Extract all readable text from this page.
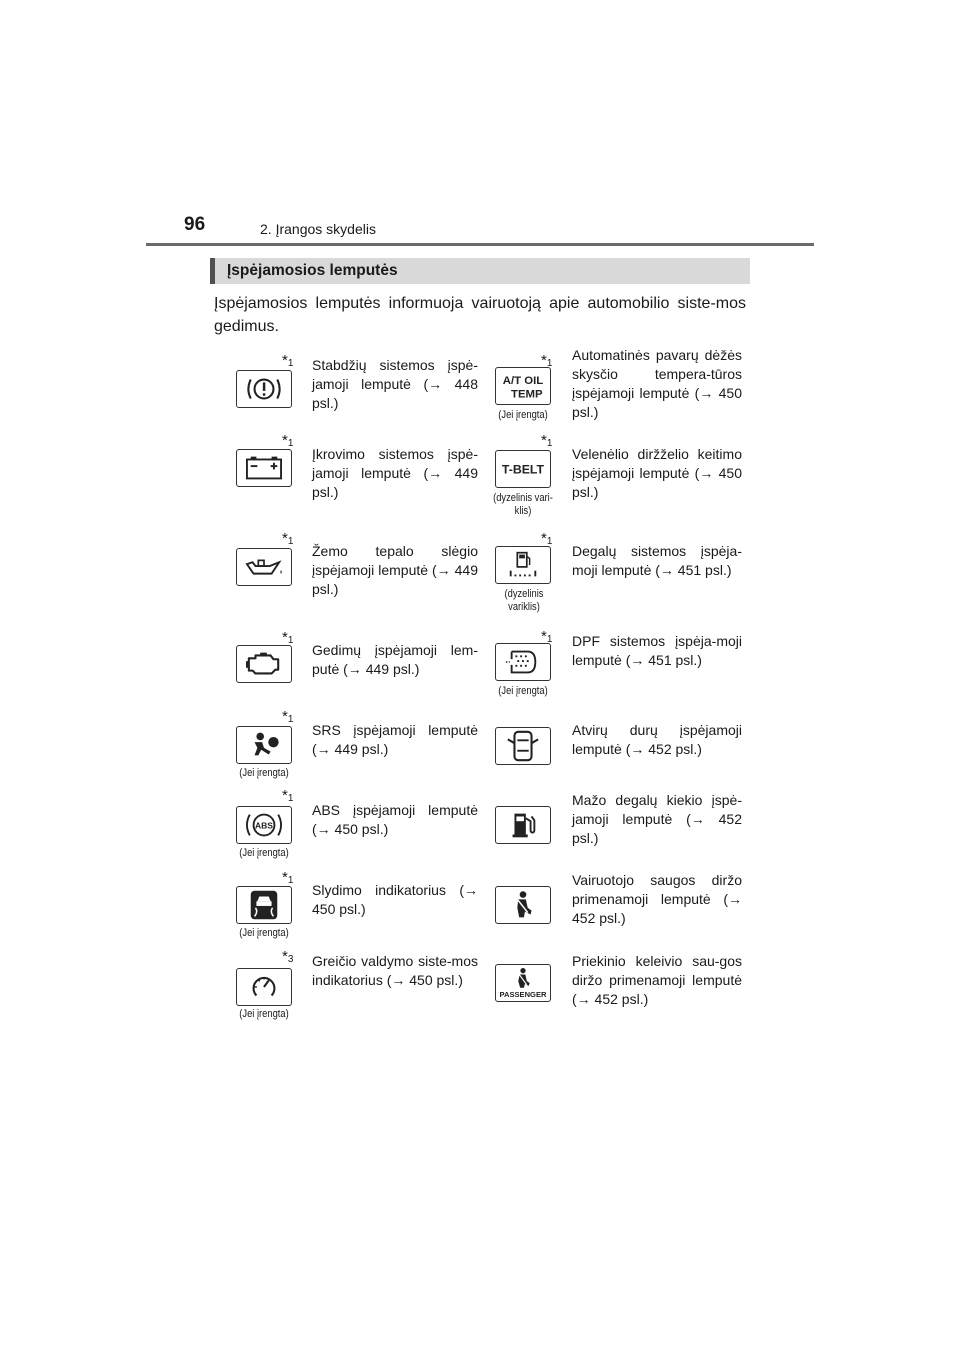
96	2. Įrangos skydelis
Įspėjamosios lemputės
Įspėjamosios lemputės informuoja vairuotoją apie automobilio siste-mos gedimus.
$*_1$ Stabdžių sistemos įspė-jamoji lemputė (→ 448 psl.)
$*_1$
Įkrovimo sistemos įspė-jamoji lemputė (→ 449 psl.)
$*_1$
Žemo tepalo slėgio įspėjamoji lemputė (→ 449 psl.)
$*_1$
Gedimų įspėjamoji lem-putė (→ 449 psl.)
$*_1$
(Jei įrengta)
SRS įspėjamoji lemputė (→ 449 psl.)
ABS
$*_1$
(Jei įrengta)
ABS įspėjamoji lemputė (→ 450 psl.)
$*_1$
(Jei įrengta)
Slydimo indikatorius (→ 450 psl.)
$*_3$
(Jei įrengta)
Greičio valdymo siste-mos indikatorius (→ 450 psl.)
A/T OIL
TEMP
$*_1$
(Jei įrengta)
Automatinės pavarų dėžės skysčio tempera-tūros įspėjamoji lemputė (→ 450 psl.)
T-BELT
$*_1$
(dyzelinis vari-klis)
Velenėlio diržželio keitimo įspėjamoji lemputė (→ 450 psl.)
$*_1$
(dyzelinis variklis)
Degalų sistemos įspėja-moji lemputė (→ 451 psl.)
$*_1$
(Jei įrengta)
DPF sistemos įspėja-moji lemputė (→ 451 psl.)
Atvirų durų įspėjamoji lemputė (→ 452 psl.)
Mažo degalų kiekio įspė-jamoji lemputė (→ 452 psl.)
Vairuotojo saugos diržo primenamoji lemputė (→ 452 psl.)
PASSENGER
Priekinio keleivio sau-gos diržo primenamoji lemputė (→ 452 psl.)
